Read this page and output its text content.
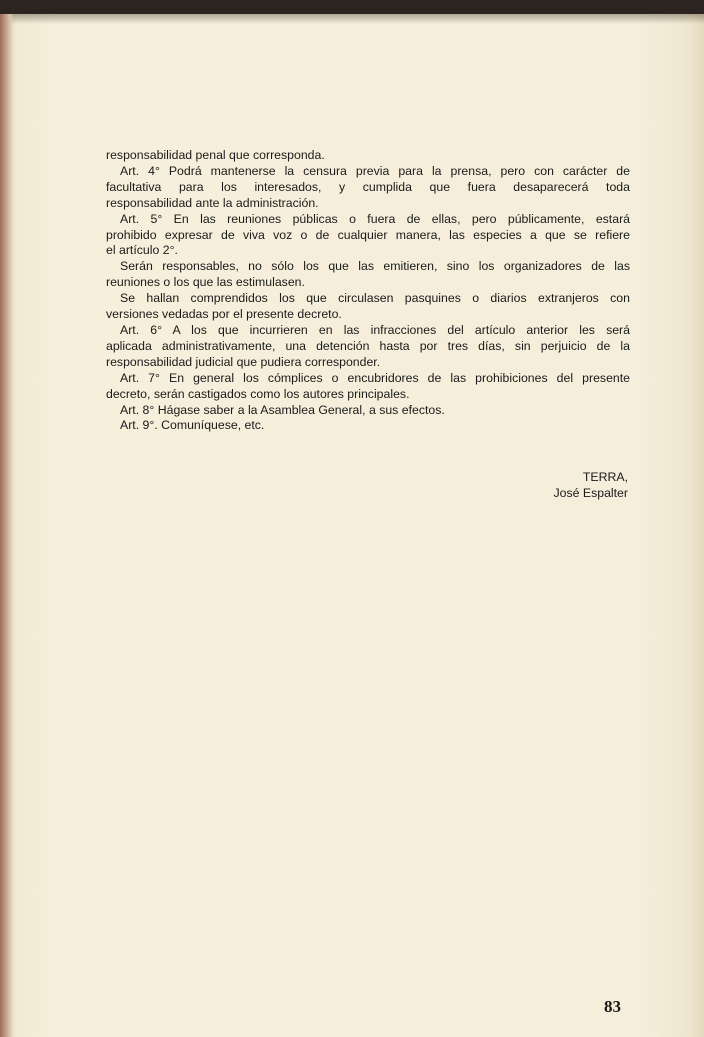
responsabilidad penal que corresponda.
Art. 4° Podrá mantenerse la censura previa para la prensa, pero con carácter de
facultativa para los interesados, y cumplida que fuera desaparecerá toda
responsabilidad ante la administración.
Art. 5° En las reuniones públicas o fuera de ellas, pero públicamente, estará
prohibido expresar de viva voz o de cualquier manera, las especies a que se refiere
el artículo 2°.
Serán responsables, no sólo los que las emitieren, sino los organizadores de las
reuniones o los que las estimulasen.
Se hallan comprendidos los que circulasen pasquines o diarios extranjeros con
versiones vedadas por el presente decreto.
Art. 6° A los que incurrieren en las infracciones del artículo anterior les será
aplicada administrativamente, una detención hasta por tres días, sin perjuicio de la
responsabilidad judicial que pudiera corresponder.
Art. 7° En general los cómplices o encubridores de las prohibiciones del presente
decreto, serán castigados como los autores principales.
Art. 8° Hágase saber a la Asamblea General, a sus efectos.
Art. 9°. Comuníquese, etc.
TERRA,
José Espalter
83
